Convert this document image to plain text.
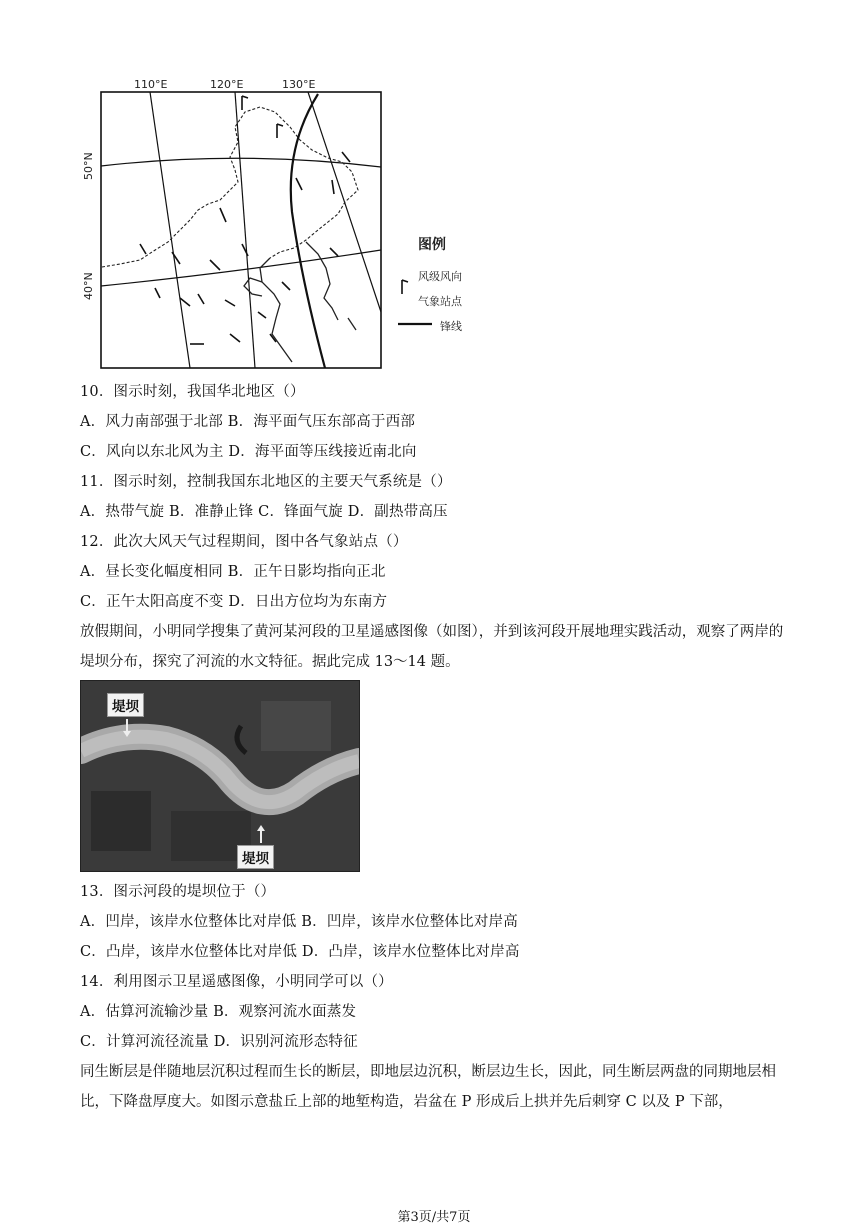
110°E	120°E	130°E
50°N
40°N
图例
风级风向
气象站点
锋线
10．图示时刻，我国华北地区（）
A．风力南部强于北部 B．海平面气压东部高于西部
C．风向以东北风为主 D．海平面等压线接近南北向
11．图示时刻，控制我国东北地区的主要天气系统是（）
A．热带气旋 B．准静止锋 C．锋面气旋 D．副热带高压
12．此次大风天气过程期间，图中各气象站点（）
A．昼长变化幅度相同 B．正午日影均指向正北
C．正午太阳高度不变 D．日出方位均为东南方
放假期间，小明同学搜集了黄河某河段的卫星遥感图像（如图），并到该河段开展地理实践活动，观察了两岸的堤坝分布，探究了河流的水文特征。据此完成 13～14 题。
堤坝
堤坝
13．图示河段的堤坝位于（）
A．凹岸，该岸水位整体比对岸低 B．凹岸，该岸水位整体比对岸高
C．凸岸，该岸水位整体比对岸低 D．凸岸，该岸水位整体比对岸高
14．利用图示卫星遥感图像，小明同学可以（）
A．估算河流输沙量 B．观察河流水面蒸发
C．计算河流径流量 D．识别河流形态特征
同生断层是伴随地层沉积过程而生长的断层，即地层边沉积，断层边生长，因此，同生断层两盘的同期地层相比，下降盘厚度大。如图示意盐丘上部的地堑构造，岩盆在 P 形成后上拱并先后刺穿 C 以及 P 下部，
第3页/共7页
